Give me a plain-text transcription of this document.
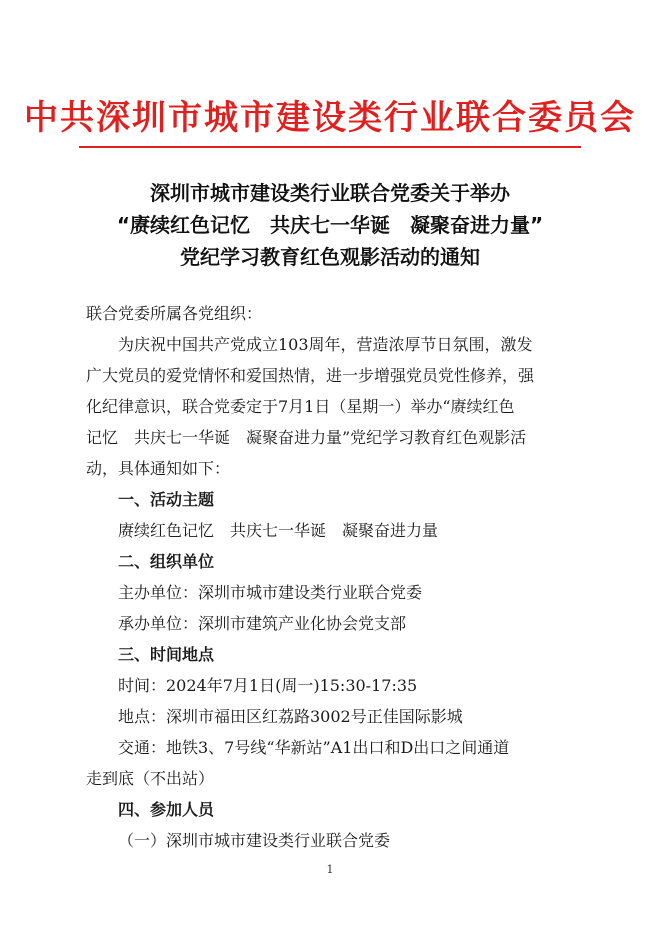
中共深圳市城市建设类行业联合委员会
深圳市城市建设类行业联合党委关于举办
“赓续红色记忆　共庆七一华诞　凝聚奋进力量”
党纪学习教育红色观影活动的通知
联合党委所属各党组织：
为庆祝中国共产党成立103周年，营造浓厚节日氛围，激发
广大党员的爱党情怀和爱国热情，进一步增强党员党性修养，强
化纪律意识，联合党委定于7月1日（星期一）举办“赓续红色
记忆　共庆七一华诞　凝聚奋进力量”党纪学习教育红色观影活
动，具体通知如下：
一、活动主题
赓续红色记忆　共庆七一华诞　凝聚奋进力量
二、组织单位
主办单位：深圳市城市建设类行业联合党委
承办单位：深圳市建筑产业化协会党支部
三、时间地点
时间：2024年7月1日(周一)15:30-17:35
地点：深圳市福田区红荔路3002号正佳国际影城
交通：地铁3、7号线“华新站”A1出口和D出口之间通道
走到底（不出站）
四、参加人员
（一）深圳市城市建设类行业联合党委
1
